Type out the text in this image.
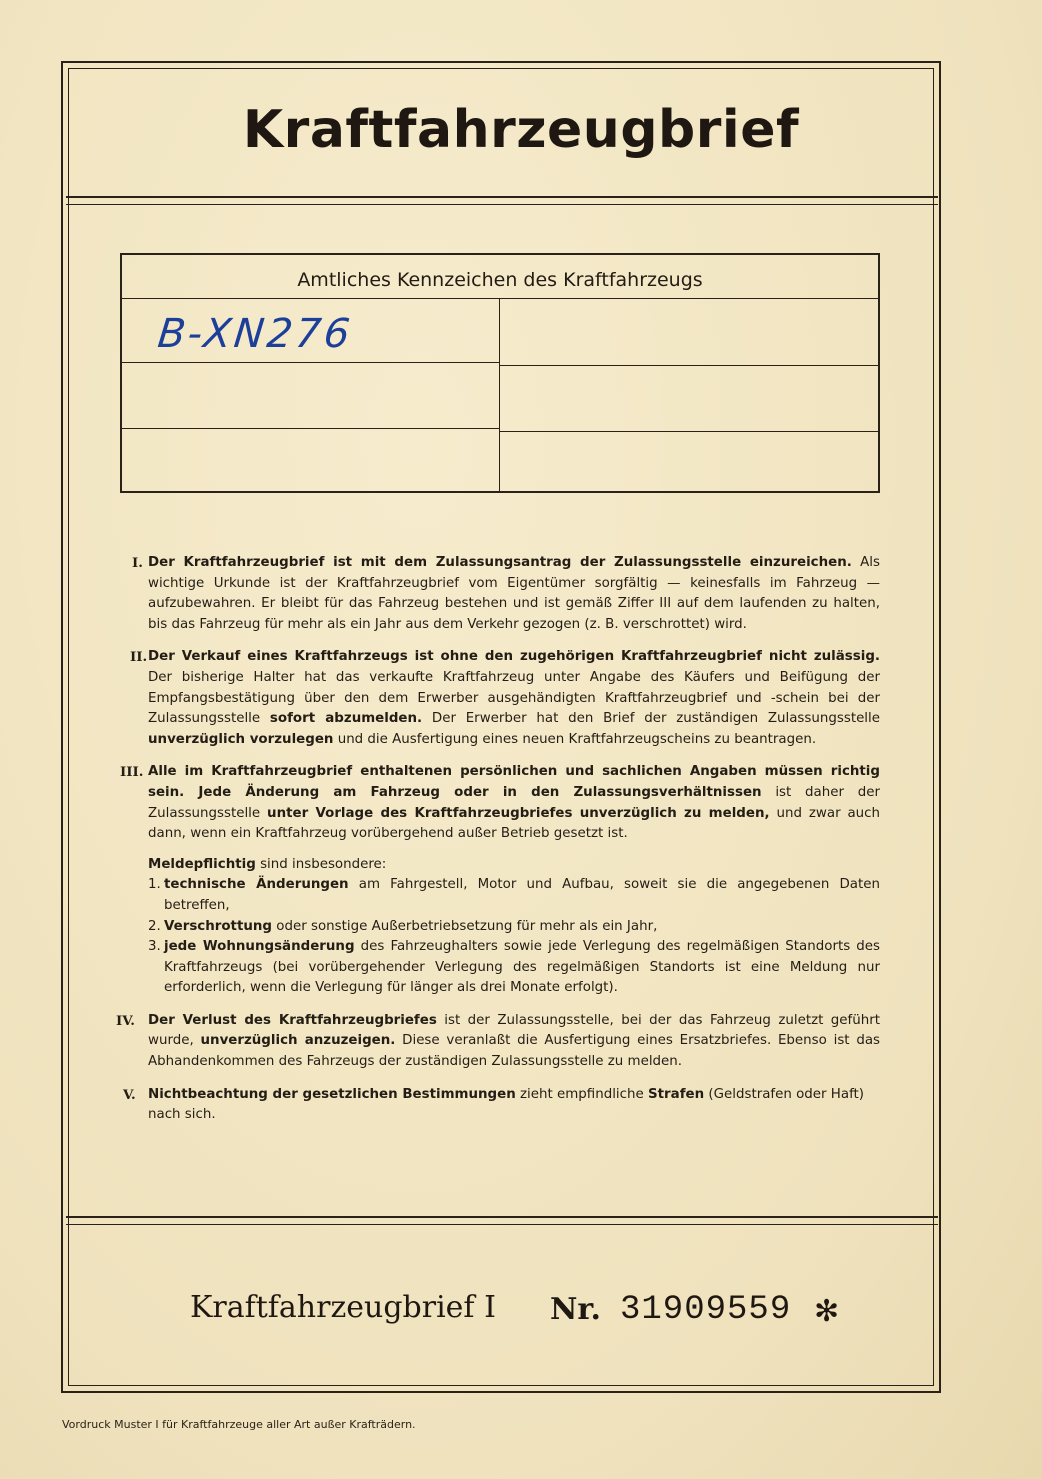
Kraftfahrzeugbrief
Amtliches Kennzeichen des Kraftfahrzeugs
B-XN276
I. Der Kraftfahrzeugbrief ist mit dem Zulassungsantrag der Zulassungsstelle einzureichen. Als wichtige Urkunde ist der Kraftfahrzeugbrief vom Eigentümer sorgfältig — keinesfalls im Fahrzeug — aufzubewahren. Er bleibt für das Fahrzeug bestehen und ist gemäß Ziffer III auf dem laufenden zu halten, bis das Fahrzeug für mehr als ein Jahr aus dem Verkehr gezogen (z. B. verschrottet) wird.
II. Der Verkauf eines Kraftfahrzeugs ist ohne den zugehörigen Kraftfahrzeugbrief nicht zulässig. Der bisherige Halter hat das verkaufte Kraftfahrzeug unter Angabe des Käufers und Beifügung der Empfangsbestätigung über den dem Erwerber ausgehändigten Kraftfahrzeugbrief und -schein bei der Zulassungsstelle sofort abzumelden. Der Erwerber hat den Brief der zuständigen Zulassungsstelle unverzüglich vorzulegen und die Ausfertigung eines neuen Kraftfahrzeugscheins zu beantragen.
III. Alle im Kraftfahrzeugbrief enthaltenen persönlichen und sachlichen Angaben müssen richtig sein. Jede Änderung am Fahrzeug oder in den Zulassungsverhältnissen ist daher der Zulassungsstelle unter Vorlage des Kraftfahrzeugbriefes unverzüglich zu melden, und zwar auch dann, wenn ein Kraftfahrzeug vorübergehend außer Betrieb gesetzt ist.
Meldepflichtig sind insbesondere:
1. technische Änderungen am Fahrgestell, Motor und Aufbau, soweit sie die angegebenen Daten betreffen,
2. Verschrottung oder sonstige Außerbetriebsetzung für mehr als ein Jahr,
3. jede Wohnungsänderung des Fahrzeughalters sowie jede Verlegung des regelmäßigen Standorts des Kraftfahrzeugs (bei vorübergehender Verlegung des regelmäßigen Standorts ist eine Meldung nur erforderlich, wenn die Verlegung für länger als drei Monate erfolgt).
IV. Der Verlust des Kraftfahrzeugbriefes ist der Zulassungsstelle, bei der das Fahrzeug zuletzt geführt wurde, unverzüglich anzuzeigen. Diese veranlaßt die Ausfertigung eines Ersatzbriefes. Ebenso ist das Abhandenkommen des Fahrzeugs der zuständigen Zulassungsstelle zu melden.
V. Nichtbeachtung der gesetzlichen Bestimmungen zieht empfindliche Strafen (Geldstrafen oder Haft) nach sich.
Kraftfahrzeugbrief I Nr. 31909559 ✻
Vordruck Muster I für Kraftfahrzeuge aller Art außer Krafträdern.
